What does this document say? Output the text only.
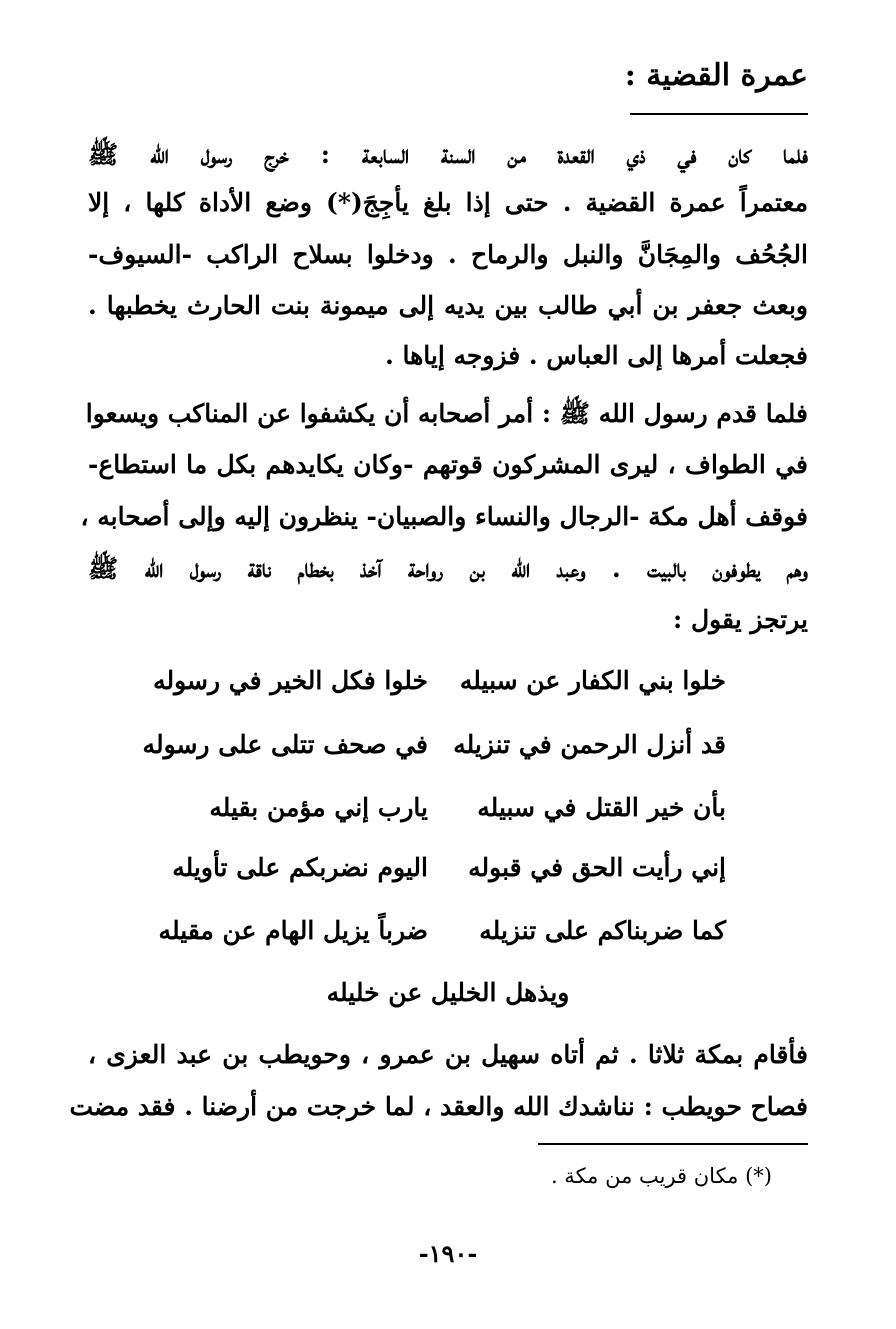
عمرة القضية :
فلما كان في ذي القعدة من السنة السابعة : خرج رسول الله ﷺ
معتمراً عمرة القضية . حتى إذا بلغ يأجِجَ(*) وضع الأداة كلها ، إلا
الجُحُف والمِجَانَّ والنبل والرماح . ودخلوا بسلاح الراكب -السيوف-
وبعث جعفر بن أبي طالب بين يديه إلى ميمونة بنت الحارث يخطبها .
فجعلت أمرها إلى العباس . فزوجه إياها .
فلما قدم رسول الله ﷺ : أمر أصحابه أن يكشفوا عن المناكب ويسعوا
في الطواف ، ليرى المشركون قوتهم -وكان يكايدهم بكل ما استطاع-
فوقف أهل مكة -الرجال والنساء والصبيان- ينظرون إليه وإلى أصحابه ،
وهم يطوفون بالبيت . وعبد الله بن رواحة آخذ بخطام ناقة رسول الله ﷺ
يرتجز يقول :
خلوا بني الكفار عن سبيله
خلوا فكل الخير في رسوله
قد أنزل الرحمن في تنزيله
في صحف تتلى على رسوله
بأن خير القتل في سبيله
يارب إني مؤمن بقيله
إني رأيت الحق في قبوله
اليوم نضربكم على تأويله
كما ضربناكم على تنزيله
ضرباً يزيل الهام عن مقيله
ويذهل الخليل عن خليله
فأقام بمكة ثلاثا . ثم أتاه سهيل بن عمرو ، وحويطب بن عبد العزى ،
فصاح حويطب : نناشدك الله والعقد ، لما خرجت من أرضنا . فقد مضت
(*) مكان قريب من مكة .
-١٩٠-
